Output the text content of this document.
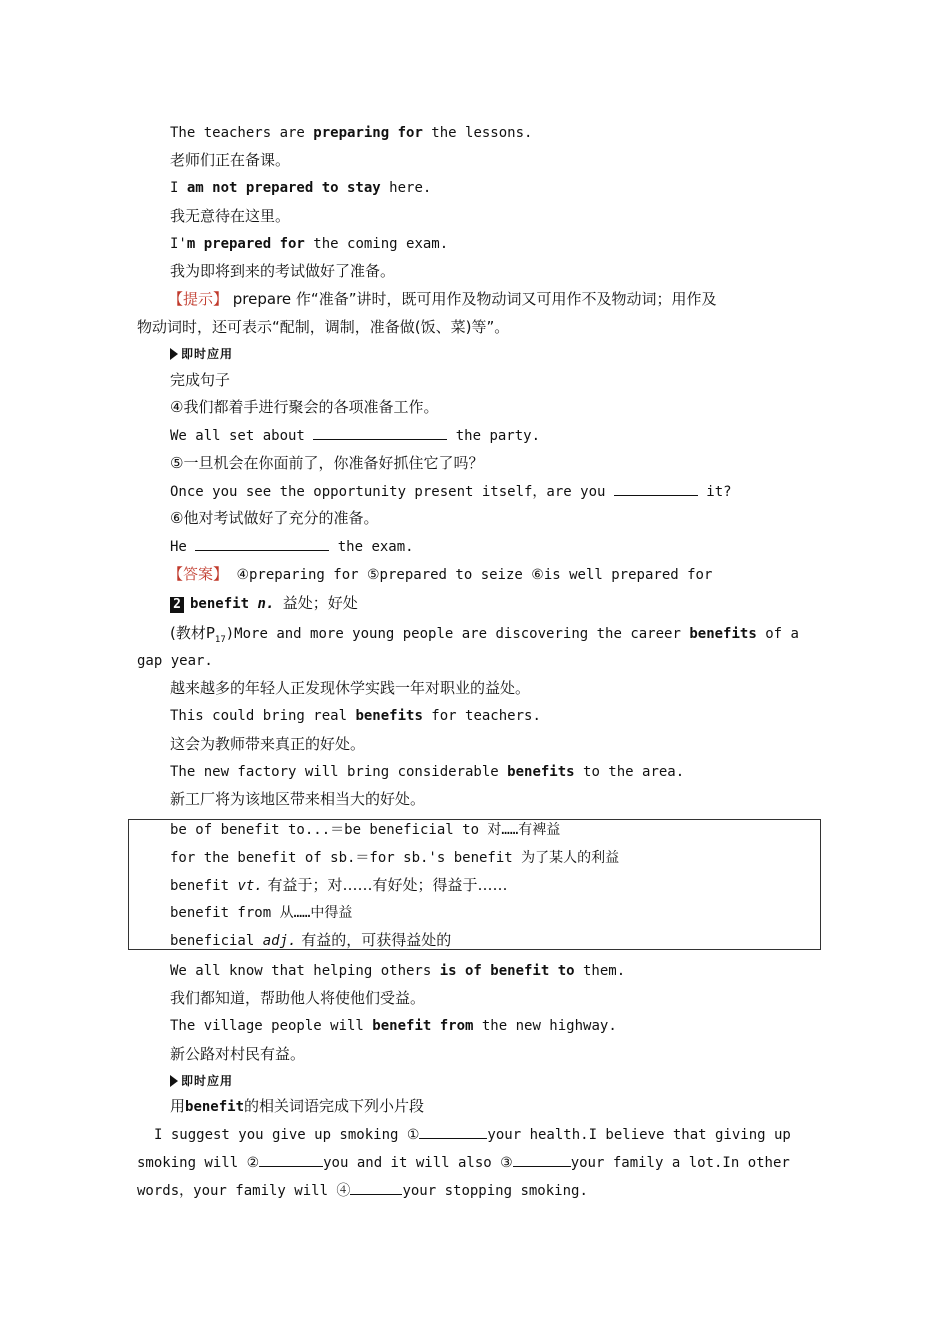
The teachers are preparing for the lessons.
老师们正在备课。
I am not prepared to stay here.
我无意待在这里。
I'm prepared for the coming exam.
我为即将到来的考试做好了准备。
【提示】 prepare 作“准备”讲时，既可用作及物动词又可用作不及物动词；用作及
物动词时，还可表示“配制，调制，准备做(饭、菜)等”。
即时应用
完成句子
④我们都着手进行聚会的各项准备工作。
We all set about	the party.
⑤一旦机会在你面前了，你准备好抓住它了吗？
Once you see the opportunity present itself，are you	it?
⑥他对考试做好了充分的准备。
He	the exam.
【答案】 ④preparing for ⑤prepared to seize ⑥is well prepared for
2 benefit n. 益处；好处
(教材$P_{17})More$ and more young people are discovering the career benefits of a
gap year.
越来越多的年轻人正发现休学实践一年对职业的益处。
This could bring real benefits for teachers.
这会为教师带来真正的好处。
The new factory will bring considerable benefits to the area.
新工厂将为该地区带来相当大的好处。
be of benefit to...＝be beneficial to 对……有裨益
for the benefit of sb.＝for sb.'s benefit 为了某人的利益
benefit vt. 有益于；对……有好处；得益于……
benefit from 从……中得益
beneficial adj. 有益的，可获得益处的
We all know that helping others is of benefit to them.
我们都知道，帮助他人将使他们受益。
The village people will benefit from the new highway.
新公路对村民有益。
即时应用
用benefit的相关词语完成下列小片段
I suggest you give up smoking ①	your health.I believe that giving up
smoking will ②	you and it will also ③	your family a lot.In other
words，your family will ④	your stopping smoking.
